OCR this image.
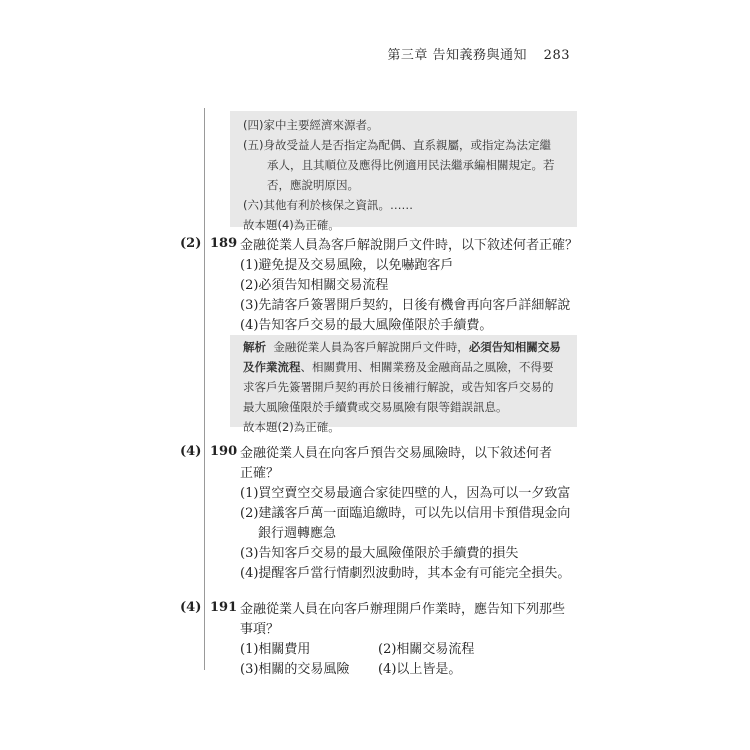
第三章 告知義務與通知 283
(四)家中主要經濟來源者。
(五)身故受益人是否指定為配偶、直系親屬，或指定為法定繼
承人，且其順位及應得比例適用民法繼承編相關規定。若
否，應說明原因。
(六)其他有利於核保之資訊。……
故本題(4)為正確。
(2) 189 金融從業人員為客戶解說開戶文件時，以下敘述何者正確？
(1)避免提及交易風險，以免嚇跑客戶
(2)必須告知相關交易流程
(3)先請客戶簽署開戶契約，日後有機會再向客戶詳細解說
(4)告知客戶交易的最大風險僅限於手續費。
解析 金融從業人員為客戶解說開戶文件時，必須告知相關交易
及作業流程、相關費用、相關業務及金融商品之風險，不得要
求客戶先簽署開戶契約再於日後補行解說，或告知客戶交易的
最大風險僅限於手續費或交易風險有限等錯誤訊息。
故本題(2)為正確。
(4) 190 金融從業人員在向客戶預告交易風險時，以下敘述何者
正確？
(1)買空賣空交易最適合家徒四壁的人，因為可以一夕致富
(2)建議客戶萬一面臨追繳時，可以先以信用卡預借現金向
銀行週轉應急
(3)告知客戶交易的最大風險僅限於手續費的損失
(4)提醒客戶當行情劇烈波動時，其本金有可能完全損失。
(4) 191 金融從業人員在向客戶辦理開戶作業時，應告知下列那些
事項？
(1)相關費用	(2)相關交易流程
(3)相關的交易風險 (4)以上皆是。
